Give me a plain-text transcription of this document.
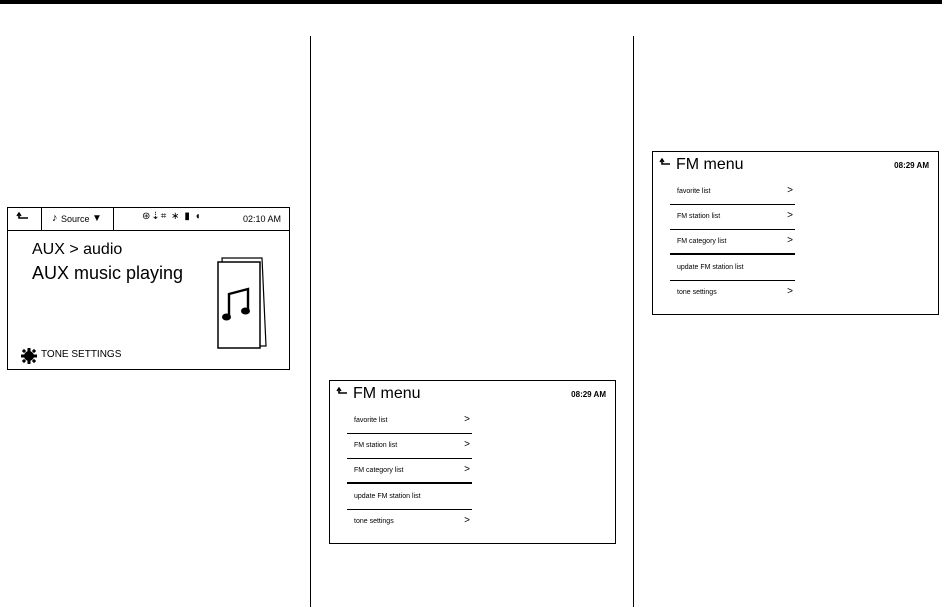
♪ Source ▼	⊛⇣⌗ ∗ ▮ ◖	02:10 AM
AUX > audio
AUX music playing
TONE SETTINGS
FM menu	08:29 AM
favorite list	>
FM station list	>
FM category list	>
update FM station list
tone settings	>
FM menu	08:29 AM
favorite list	>
FM station list	>
FM category list	>
update FM station list
tone settings	>
